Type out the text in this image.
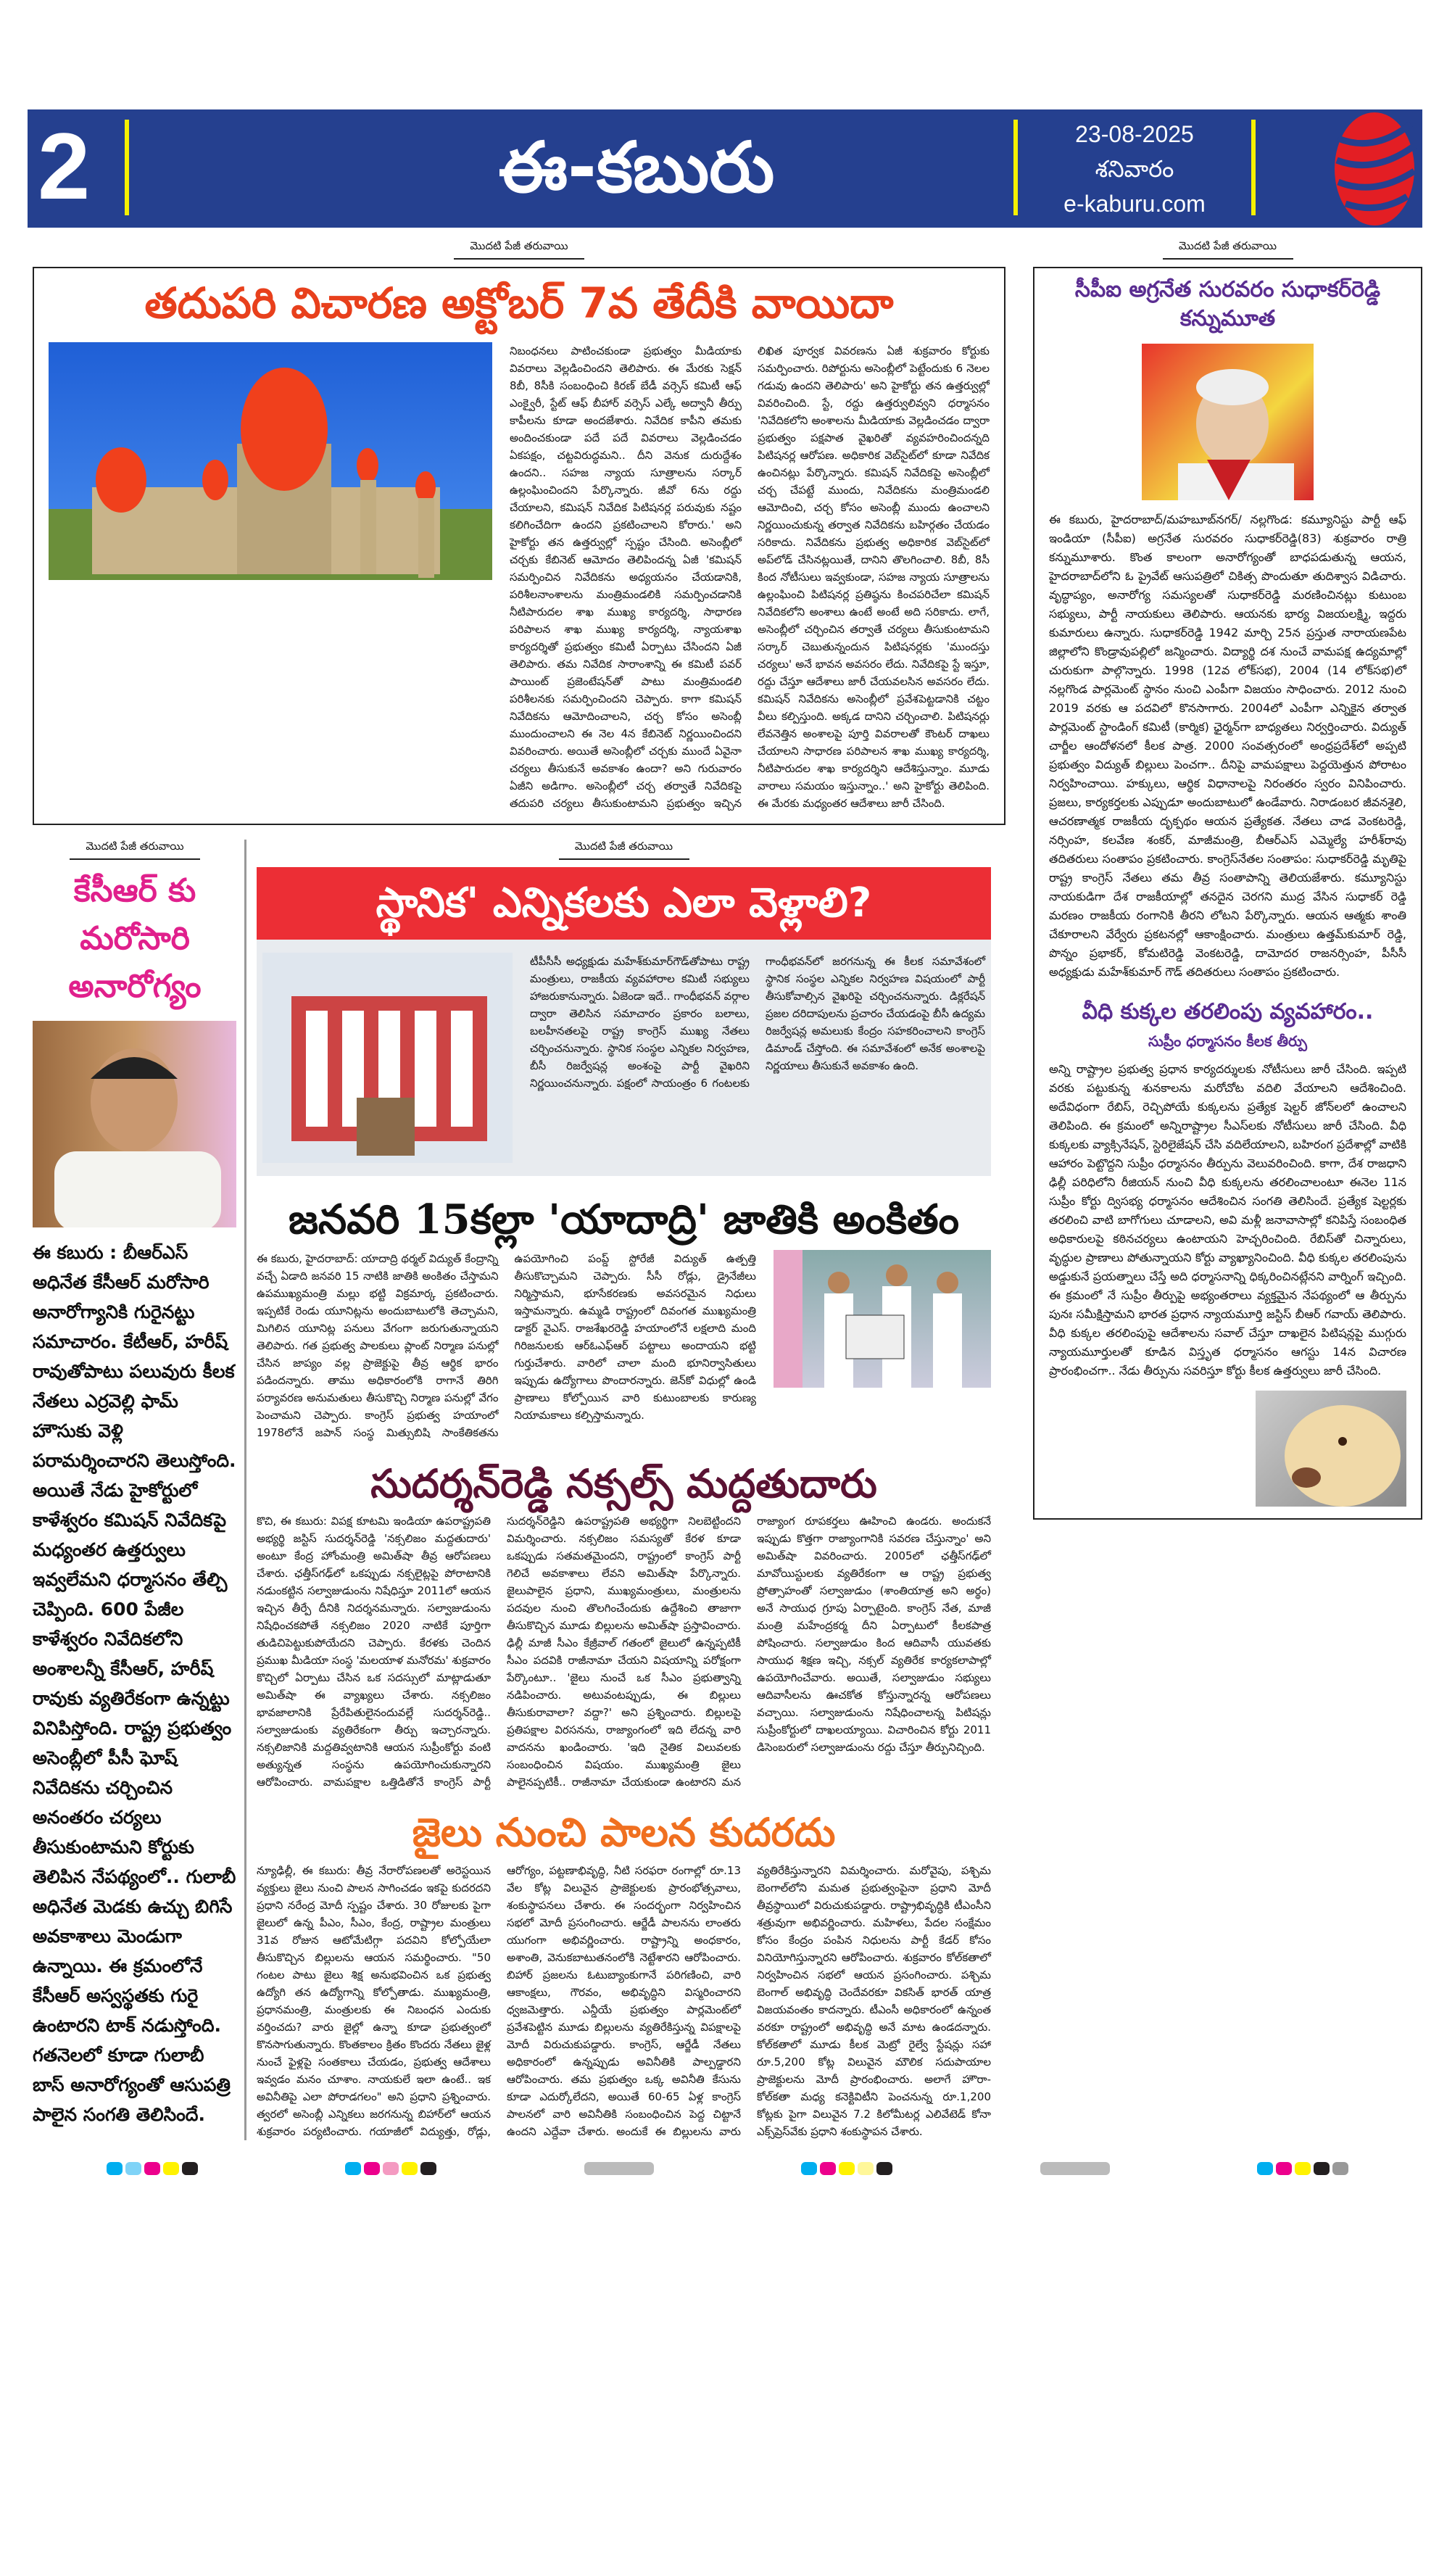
2	ఈ-కబురు	23-08-2025
శనివారం
e-kaburu.com
మొదటి పేజీ తరువాయి
తదుపరి విచారణ అక్టోబర్ 7వ తేదీకి వాయిదా
నిబంధనలు పాటించకుండా ప్రభుత్వం మీడియాకు వివరాలు వెల్లడించిందని తెలిపారు. ఈ మేరకు సెక్షన్ 8బీ, 8సీకి సంబంధించి కిరణ్ బేడీ వర్సెస్ కమిటీ ఆఫ్ ఎంక్వైరీ, స్టేట్ ఆఫ్ బీహార్ వర్సెస్ ఎల్కే అద్వానీ తీర్పు కాపీలను కూడా అందజేశారు. నివేదిక కాపీని తమకు అందించకుండా పదే పదే వివరాలు వెల్లడించడం ఏకపక్షం, చట్టవిరుద్ధమని.. దీని వెనుక దురుద్దేశం ఉందని.. సహజ న్యాయ సూత్రాలను సర్కార్ ఉల్లంఘించిందని పేర్కొన్నారు. జీవో 6ను రద్దు చేయాలని, కమిషన్ నివేదిక పిటిషనర్ల పరువుకు నష్టం కలిగించేదిగా ఉందని ప్రకటించాలని కోరారు.' అని హైకోర్టు తన ఉత్తర్వుల్లో స్పష్టం చేసింది. అసెంబ్లీలో చర్చకు కేబినెట్ ఆమోదం తెలిపిందన్న ఏజీ 'కమిషన్ సమర్పించిన నివేదికను అధ్యయనం చేయడానికి, పరిశీలనాంశాలను మంత్రిమండలికి సమర్పించడానికి నీటిపారుదల శాఖ ముఖ్య కార్యదర్శి, సాధారణ పరిపాలన శాఖ ముఖ్య కార్యదర్శి, న్యాయశాఖ కార్యదర్శితో ప్రభుత్వం కమిటీ ఏర్పాటు చేసిందని ఏజీ తెలిపారు. తమ నివేదిక సారాంశాన్ని ఈ కమిటీ పవర్ పాయింట్ ప్రజెంటేషన్‌తో పాటు మంత్రిమండలి పరిశీలనకు సమర్పించిందని చెప్పారు. కాగా కమిషన్ నివేదికను ఆమోదించాలని, చర్చ కోసం అసెంబ్లీ ముందుంచాలని ఈ నెల 4న కేబినెట్ నిర్ణయించిందని వివరించారు. అయితే అసెంబ్లీలో చర్చకు ముందే ఏవైనా చర్యలు తీసుకునే అవకాశం ఉందా? అని గురువారం ఏజీని అడిగాం. అసెంబ్లీలో చర్చ తర్వాతే నివేదికపై తదుపరి చర్యలు తీసుకుంటామని ప్రభుత్వం ఇచ్చిన లిఖిత పూర్వక వివరణను ఏజీ శుక్రవారం కోర్టుకు సమర్పించారు. రిపోర్టును అసెంబ్లీలో పెట్టేందుకు 6 నెలల గడువు ఉందని తెలిపారు' అని హైకోర్టు తన ఉత్తర్వుల్లో వివరించింది. స్టే, రద్దు ఉత్తర్వులివ్వని ధర్మాసనం 'నివేదికలోని అంశాలను మీడియాకు వెల్లడించడం ద్వారా ప్రభుత్వం పక్షపాత వైఖరితో వ్యవహరించిందన్నది పిటిషనర్ల ఆరోపణ. అధికారిక వెబ్‌సైట్‌లో కూడా నివేదిక ఉంచినట్లు పేర్కొన్నారు. కమిషన్ నివేదికపై అసెంబ్లీలో చర్చ చేపట్టే ముందు, నివేదికను మంత్రిమండలి ఆమోదించి, చర్చ కోసం అసెంబ్లీ ముందు ఉంచాలని నిర్ణయించుకున్న తర్వాత నివేదికను బహిర్గతం చేయడం సరికాదు. నివేదికను ప్రభుత్వ అధికారిక వెబ్‌సైట్‌లో అప్‌లోడ్ చేసినట్లయితే, దానిని తొలగించాలి. 8బీ, 8సీ కింద నోటీసులు ఇవ్వకుండా, సహజ న్యాయ సూత్రాలను ఉల్లంఘించి పిటిషనర్ల ప్రతిష్ఠను కించపరిచేలా కమిషన్ నివేదికలోని అంశాలు ఉంటే అంటే అది సరికాదు. లాగే, అసెంబ్లీలో చర్చించిన తర్వాతే చర్యలు తీసుకుంటామని సర్కార్ చెబుతున్నందున పిటిషనర్లకు 'ముందస్తు చర్యలు' అనే భావన అవసరం లేదు. నివేదికపై స్టే ఇస్తూ, రద్దు చేస్తూ ఆదేశాలు జారీ చేయవలసిన అవసరం లేదు. కమిషన్ నివేదికను అసెంబ్లీలో ప్రవేశపెట్టడానికి చట్టం వీలు కల్పిస్తుంది. అక్కడ దానిని చర్చించాలి. పిటిషనర్లు లేవనెత్తిన అంశాలపై పూర్తి వివరాలతో కౌంటర్ దాఖలు చేయాలని సాధారణ పరిపాలన శాఖ ముఖ్య కార్యదర్శి, నీటిపారుదల శాఖ కార్యదర్శిని ఆదేశిస్తున్నాం. మూడు వారాలు సమయం ఇస్తున్నాం..' అని హైకోర్టు తెలిపింది. ఈ మేరకు మధ్యంతర ఆదేశాలు జారీ చేసింది.
మొదటి పేజీ తరువాయి
కేసీఆర్ కు
మరోసారి
అనారోగ్యం
ఈ కబురు : బీఆర్ఎస్ అధినేత కేసీఆర్ మరోసారి అనారోగ్యానికి గురైనట్టు సమాచారం. కేటీఆర్, హరీష్ రావుతోపాటు పలువురు కీలక నేతలు ఎర్రవెల్లి ఫామ్ హౌసుకు వెళ్లి పరామర్శించారని తెలుస్తోంది. అయితే నేడు హైకోర్టులో కాళేశ్వరం కమిషన్ నివేదికపై మధ్యంతర ఉత్తర్వులు ఇవ్వలేమని ధర్మాసనం తేల్చి చెప్పింది. 600 పేజీల కాళేశ్వరం నివేదికలోని అంశాలన్నీ కేసీఆర్, హరీష్ రావుకు వ్యతిరేకంగా ఉన్నట్టు వినిపిస్తోంది. రాష్ట్ర ప్రభుత్వం అసెంబ్లీలో పీసీ ఘోష్ నివేదికను చర్చించిన అనంతరం చర్యలు తీసుకుంటామని కోర్టుకు తెలిపిన నేపథ్యంలో.. గులాబీ అధినేత మెడకు ఉచ్చు బిగిసే అవకాశాలు మెండుగా ఉన్నాయి. ఈ క్రమంలోనే కేసీఆర్ అస్వస్థతకు గురై ఉంటారని టాక్ నడుస్తోంది. గతనెలలో కూడా గులాబీ బాస్ అనారోగ్యంతో ఆసుపత్రి పాలైన సంగతి తెలిసిందే.
మొదటి పేజీ తరువాయి
స్థానిక' ఎన్నికలకు ఎలా వెళ్లాలి?
టీపీసీసీ అధ్యక్షుడు మహేశ్‌కుమార్‌గౌడ్‌తోపాటు రాష్ట్ర మంత్రులు, రాజకీయ వ్యవహారాల కమిటీ సభ్యులు హాజరుకానున్నారు. ఏజెండా ఇదే.. గాంధీభవన్ వర్గాల ద్వారా తెలిసిన సమాచారం ప్రకారం బలాలు, బలహీనతలపై రాష్ట్ర కాంగ్రెస్ ముఖ్య నేతలు చర్చించనున్నారు. స్థానిక సంస్థల ఎన్నికల నిర్వహణ, బీసీ రిజర్వేషన్ల అంశంపై పార్టీ వైఖరిని నిర్ణయించనున్నారు. పక్షంలో సాయంత్రం 6 గంటలకు గాంధీభవన్‌లో జరగనున్న ఈ కీలక సమావేశంలో స్థానిక సంస్థల ఎన్నికల నిర్వహణ విషయంలో పార్టీ తీసుకోవాల్సిన వైఖరిపై చర్చించనున్నారు. డిక్లరేషన్ ప్రజల దరిదాపులను ప్రచారం చేయడంపై బీసీ ఉద్యమ రిజర్వేషన్ల అమలుకు కేంద్రం సహకరించాలని కాంగ్రెస్ డిమాండ్ చేస్తోంది. ఈ సమావేశంలో అనేక అంశాలపై నిర్ణయాలు తీసుకునే అవకాశం ఉంది.
జనవరి 15కల్లా 'యాదాద్రి' జాతికి అంకితం
ఈ కబురు, హైదరాబాద్: యాదాద్రి థర్మల్ విద్యుత్ కేంద్రాన్ని వచ్చే ఏడాది జనవరి 15 నాటికి జాతికి అంకితం చేస్తామని ఉపముఖ్యమంత్రి మల్లు భట్టి విక్రమార్క ప్రకటించారు. ఇప్పటికే రెండు యూనిట్లను అందుబాటులోకి తెచ్చామని, మిగిలిన యూనిట్ల పనులు వేగంగా జరుగుతున్నాయని తెలిపారు. గత ప్రభుత్వ పాలకులు ప్లాంట్ నిర్మాణ పనుల్లో చేసిన జాప్యం వల్ల ప్రాజెక్టుపై తీవ్ర ఆర్థిక భారం పడిందన్నారు. తాము అధికారంలోకి రాగానే తిరిగి పర్యావరణ అనుమతులు తీసుకొచ్చి నిర్మాణ పనుల్లో వేగం పెంచామని చెప్పారు. కాంగ్రెస్ ప్రభుత్వ హయాంలో 1978లోనే జపాన్ సంస్థ మిత్సుబిషి సాంకేతికతను ఉపయోగించి పంప్డ్ స్టోరేజీ విద్యుత్ ఉత్పత్తి తీసుకొచ్చామని చెప్పారు. సీసీ రోడ్లు, డ్రైనేజీలు నిర్మిస్తామని, భూసేకరణకు అవసరమైన నిధులు ఇస్తామన్నారు. ఉమ్మడి రాష్ట్రంలో దివంగత ముఖ్యమంత్రి డాక్టర్ వైఎస్. రాజశేఖరరెడ్డి హయాంలోనే లక్షలాది మంది గిరిజనులకు ఆర్‌ఓఎఫ్ఆర్ పట్టాలు అందాయని భట్టి గుర్తుచేశారు. వారిలో చాలా మంది భూనిర్వాసితులు ఇప్పుడు ఉద్యోగాలు పొందారన్నారు. జెన్‌కో విధుల్లో ఉండి ప్రాణాలు కోల్పోయిన వారి కుటుంబాలకు కారుణ్య నియామకాలు కల్పిస్తామన్నారు.
సుదర్శన్‌రెడ్డి నక్సల్స్ మద్దతుదారు
కొచి, ఈ కబురు: విపక్ష కూటమి ఇండియా ఉపరాష్ట్రపతి అభ్యర్థి జస్టిస్ సుదర్శన్‌రెడ్డి 'నక్సలిజం మద్దతుదారు' అంటూ కేంద్ర హోంమంత్రి అమిత్‌షా తీవ్ర ఆరోపణలు చేశారు. ఛత్తీస్‌గఢ్‌లో ఒకప్పుడు నక్సలైట్లపై పోరాటానికి నడుంకట్టిన సల్వాజుడుంను నిషేధిస్తూ 2011లో ఆయన ఇచ్చిన తీర్పే దీనికి నిదర్శనమన్నారు. సల్వాజుడుంను నిషేధించకపోతే నక్సలిజం 2020 నాటికే పూర్తిగా తుడిచిపెట్టుకుపోయేదని చెప్పారు. కేరళకు చెందిన ప్రముఖ మీడియా సంస్థ 'మలయాళ మనోరమ' శుక్రవారం కొచ్చిలో ఏర్పాటు చేసిన ఒక సదస్సులో మాట్లాడుతూ అమిత్‌షా ఈ వ్యాఖ్యలు చేశారు. నక్సలిజం భావజాలానికి ప్రేరేపితులైనందువల్లే సుదర్శన్‌రెడ్డి.. సల్వాజుడుంకు వ్యతిరేకంగా తీర్పు ఇచ్చారన్నారు. నక్సలిజానికి మద్దతివ్వటానికి ఆయన సుప్రీంకోర్టు వంటి అత్యున్నత సంస్థను ఉపయోగించుకున్నారని ఆరోపించారు. వామపక్షాల ఒత్తిడితోనే కాంగ్రెస్ పార్టీ సుదర్శన్‌రెడ్డిని ఉపరాష్ట్రపతి అభ్యర్థిగా నిలబెట్టిందని విమర్శించారు. నక్సలిజం సమస్యతో కేరళ కూడా ఒకప్పుడు సతమతమైందని, రాష్ట్రంలో కాంగ్రెస్ పార్టీ గెలిచే అవకాశాలు లేవని అమిత్‌షా పేర్కొన్నారు. జైలుపాలైన ప్రధాని, ముఖ్యమంత్రులు, మంత్రులను పదవుల నుంచి తొలగించేందుకు ఉద్దేశించి తాజాగా తీసుకొచ్చిన మూడు బిల్లులను అమిత్‌షా ప్రస్తావించారు. ఢిల్లీ మాజీ సీఎం కేజ్రీవాల్ గతంలో జైలులో ఉన్నప్పటికీ సీఎం పదవికి రాజీనామా చేయని విషయాన్ని పరోక్షంగా పేర్కొంటూ.. 'జైలు నుంచే ఒక సీఎం ప్రభుత్వాన్ని నడిపించారు. అటువంటప్పుడు, ఈ బిల్లులు తీసుకురావాలా? వద్దా?' అని ప్రశ్నించారు. బిల్లులపై ప్రతిపక్షాల విరసనను, రాజ్యాంగంలో ఇది లేదన్న వారి వాదనను ఖండించారు. 'ఇది నైతిక విలువలకు సంబంధించిన విషయం. ముఖ్యమంత్రి జైలు పాలైనప్పటికీ.. రాజీనామా చేయకుండా ఉంటారని మన రాజ్యాంగ రూపకర్తలు ఊహించి ఉండరు. అందుకనే ఇప్పుడు కొత్తగా రాజ్యాంగానికి సవరణ చేస్తున్నాం' అని అమిత్‌షా వివరించారు. 2005లో ఛత్తీస్‌గఢ్‌లో మావోయిస్టులకు వ్యతిరేకంగా ఆ రాష్ట్ర ప్రభుత్వ ప్రోత్సాహంతో సల్వాజుడుం (శాంతియాత్ర అని అర్థం) అనే సాయుధ గ్రూపు ఏర్పాటైంది. కాంగ్రెస్ నేత, మాజీ మంత్రి మహేంద్రకర్మ దీని ఏర్పాటులో కీలకపాత్ర పోషించారు. సల్వాజుడుం కింద ఆదివాసీ యువతకు సాయుధ శిక్షణ ఇచ్చి, నక్సల్ వ్యతిరేక కార్యకలాపాల్లో ఉపయోగించేవారు. అయితే, సల్వాజుడుం సభ్యులు ఆదివాసీలను ఊచకోత కోస్తున్నారన్న ఆరోపణలు వచ్చాయి. సల్వాజుడుంను నిషేధించాలన్న పిటిషన్లు సుప్రీంకోర్టులో దాఖలయ్యాయి. విచారించిన కోర్టు 2011 డిసెంబరులో సల్వాజుడుంను రద్దు చేస్తూ తీర్పునిచ్చింది.
జైలు నుంచి పాలన కుదరదు
న్యూఢిల్లీ, ఈ కబురు: తీవ్ర నేరారోపణలతో అరెస్టయిన వ్యక్తులు జైలు నుంచి పాలన సాగించడం ఇకపై కుదరదని ప్రధాని నరేంద్ర మోదీ స్పష్టం చేశారు. 30 రోజులకు పైగా జైలులో ఉన్న పీఎం, సీఎం, కేంద్ర, రాష్ట్రాల మంత్రులు 31వ రోజున ఆటోమేటిగ్గా పదవిని కోల్పోయేలా తీసుకొచ్చిన బిల్లులను ఆయన సమర్థించారు. "50 గంటల పాటు జైలు శిక్ష అనుభవించిన ఒక ప్రభుత్వ ఉద్యోగి తన ఉద్యోగాన్ని కోల్పోతాడు. ముఖ్యమంత్రి, ప్రధానమంత్రి, మంత్రులకు ఈ నిబంధన ఎందుకు వర్తించదు? వారు జైల్లో ఉన్నా కూడా ప్రభుత్వంలో కొనసాగుతున్నారు. కొంతకాలం క్రితం కొందరు నేతలు జైళ్ల నుంచే ఫైళ్లపై సంతకాలు చేయడం, ప్రభుత్వ ఆదేశాలు ఇవ్వడం మనం చూశాం. నాయకులే ఇలా ఉంటే.. ఇక అవినీతిపై ఎలా పోరాడగలం" అని ప్రధాని ప్రశ్నించారు. త్వరలో అసెంబ్లీ ఎన్నికలు జరగనున్న బిహార్‌లో ఆయన శుక్రవారం పర్యటించారు. గయాజీలో విద్యుత్తు, రోడ్లు, ఆరోగ్యం, పట్టణాభివృద్ధి, నీటి సరఫరా రంగాల్లో రూ.13 వేల కోట్ల విలువైన ప్రాజెక్టులకు ప్రారంభోత్సవాలు, శంకుస్థాపనలు చేశారు. ఈ సందర్భంగా నిర్వహించిన సభలో మోదీ ప్రసంగించారు. ఆర్జేడీ పాలనను లాంతరు యుగంగా అభివర్ణించారు. రాష్ట్రాన్ని అంధకారం, అశాంతి, వెనుకబాటుతనంలోకి నెట్టేశారని ఆరోపించారు. బిహార్ ప్రజలను ఓటుబ్యాంకుగానే పరిగణించి, వారి ఆకాంక్షలు, గౌరవం, అభివృద్ధిని విస్మరించారని ధ్వజమెత్తారు. ఎన్డీయే ప్రభుత్వం పార్లమెంట్‌లో ప్రవేశపెట్టిన మూడు బిల్లులను వ్యతిరేకిస్తున్న విపక్షాలపై మోదీ విరుచుకుపడ్డారు. కాంగ్రెస్, ఆర్జేడీ నేతలు అధికారంలో ఉన్నప్పుడు అవినీతికి పాల్పడ్డారని ఆరోపించారు. తమ ప్రభుత్వం ఒక్క అవినీతి కేసును కూడా ఎదుర్కోలేదని, అయితే 60-65 ఏళ్ల కాంగ్రెస్ పాలనలో వారి అవినీతికి సంబంధించిన పెద్ద చిట్టానే ఉందని ఎద్దేవా చేశారు. అందుకే ఈ బిల్లులను వారు వ్యతిరేకిస్తున్నారని విమర్శించారు. మరోవైపు, పశ్చిమ బెంగాల్‌లోని మమత ప్రభుత్వంపైనా ప్రధాని మోదీ తీవ్రస్థాయిలో విరుచుకుపడ్డారు. రాష్ట్రాభివృద్ధికి టీఎంసీని శత్రువుగా అభివర్ణించారు. మహిళలు, పేదల సంక్షేమం కోసం కేంద్రం పంపిన నిధులను పార్టీ కేడర్ కోసం వినియోగిస్తున్నారని ఆరోపించారు. శుక్రవారం కోల్‌కతాలో నిర్వహించిన సభలో ఆయన ప్రసంగించారు. పశ్చిమ బెంగాల్ అభివృద్ధి చెందేవరకూ వికసిత్ భారత్ యాత్ర విజయవంతం కాదన్నారు. టీఎంసీ అధికారంలో ఉన్నంత వరకూ రాష్ట్రంలో అభివృద్ధి అనే మాట ఉండదన్నారు. కోల్‌కతాలో మూడు కీలక మెట్రో రైల్వే స్టేషన్లు సహా రూ.5,200 కోట్ల విలువైన మౌలిక సదుపాయాల ప్రాజెక్టులను మోదీ ప్రారంభించారు. అలాగే హౌరా-కోల్‌కతా మధ్య కనెక్టివిటీని పెంచనున్న రూ.1,200 కోట్లకు పైగా విలువైన 7.2 కిలోమీటర్ల ఎలివేటెడ్ కోనా ఎక్స్‌ప్రెస్‌వేకు ప్రధాని శంకుస్థాపన చేశారు.
మొదటి పేజీ తరువాయి
సీపీఐ అగ్రనేత సురవరం సుధాకర్‌రెడ్డి కన్నుమూత
ఈ కబురు, హైదరాబాద్/మహబూబ్‌నగర్/ నల్లగొండ: కమ్యూనిస్టు పార్టీ ఆఫ్ ఇండియా (సీపీఐ) అగ్రనేత సురవరం సుధాకర్‌రెడ్డి(83) శుక్రవారం రాత్రి కన్నుమూశారు. కొంత కాలంగా అనారోగ్యంతో బాధపడుతున్న ఆయన, హైదరాబాద్‌లోని ఓ ప్రైవేట్ ఆసుపత్రిలో చికిత్స పొందుతూ తుదిశ్వాస విడిచారు. వృద్ధాప్యం, అనారోగ్య సమస్యలతో సుధాకర్‌రెడ్డి మరణించినట్లు కుటుంబ సభ్యులు, పార్టీ నాయకులు తెలిపారు. ఆయనకు భార్య విజయలక్ష్మి, ఇద్దరు కుమారులు ఉన్నారు. సుధాకర్‌రెడ్డి 1942 మార్చి 25న ప్రస్తుత నారాయణపేట జిల్లాలోని కొండ్రావుపల్లిలో జన్మించారు. విద్యార్థి దశ నుంచే వామపక్ష ఉద్యమాల్లో చురుకుగా పాల్గొన్నారు. 1998 (12వ లోక్‌సభ), 2004 (14 లోక్‌సభ)లో నల్లగొండ పార్లమెంట్ స్థానం నుంచి ఎంపీగా విజయం సాధించారు. 2012 నుంచి 2019 వరకు ఆ పదవిలో కొనసాగారు. 2004లో ఎంపీగా ఎన్నికైన తర్వాత పార్లమెంట్ స్టాండింగ్ కమిటీ (కార్మిక) ఛైర్మన్‌గా బాధ్యతలు నిర్వర్తించారు. విద్యుత్ చార్జీల ఆందోళనలో కీలక పాత్ర. 2000 సంవత్సరంలో అంధ్రప్రదేశ్‌లో అప్పటి ప్రభుత్వం విద్యుత్ బిల్లులు పెంచగా.. దీనిపై వామపక్షాలు పెద్దయెత్తున పోరాటం నిర్వహించాయి. హక్కులు, ఆర్థిక విధానాలపై నిరంతరం స్వరం వినిపించారు. ప్రజలు, కార్యకర్తలకు ఎప్పుడూ అందుబాటులో ఉండేవారు. నిరాడంబర జీవనశైలి, ఆచరణాత్మక రాజకీయ దృక్పథం ఆయన ప్రత్యేకత. నేతలు చాడ వెంకటరెడ్డి, నర్సింహ, కలవేణ శంకర్, మాజీమంత్రి, బీఆర్‌ఎస్ ఎమ్మెల్యే హరీశ్‌రావు తదితరులు సంతాపం ప్రకటించారు. కాంగ్రెస్‌నేతల సంతాపం: సుధాకర్‌రెడ్డి మృతిపై రాష్ట్ర కాంగ్రెస్ నేతలు తమ తీవ్ర సంతాపాన్ని తెలియజేశారు. కమ్యూనిస్టు నాయకుడిగా దేశ రాజకీయాల్లో తనదైన చెరగని ముద్ర వేసిన సుధాకర్ రెడ్డి మరణం రాజకీయ రంగానికి తీరని లోటని పేర్కొన్నారు. ఆయన ఆత్మకు శాంతి చేకూరాలని వేర్వేరు ప్రకటనల్లో ఆకాంక్షించారు. మంత్రులు ఉత్తమ్‌కుమార్ రెడ్డి, పొన్నం ప్రభాకర్, కోమటిరెడ్డి వెంకటరెడ్డి, దామోదర రాజనర్సింహ, పీసీసీ అధ్యక్షుడు మహేశ్‌కుమార్ గౌడ్ తదితరులు సంతాపం ప్రకటించారు.
వీధి కుక్కల తరలింపు వ్యవహారం..
సుప్రీం ధర్మాసనం కీలక తీర్పు
అన్ని రాష్ట్రాల ప్రభుత్వ ప్రధాన కార్యదర్శులకు నోటీసులు జారీ చేసింది. ఇప్పటి వరకు పట్టుకున్న శునకాలను మరోచోట వదిలి వేయాలని ఆదేశించింది. అదేవిధంగా రేబిస్, రెచ్చిపోయే కుక్కలను ప్రత్యేక షెల్టర్ జోన్‌లలో ఉంచాలని తెలిపింది. ఈ క్రమంలో అన్నిరాష్ట్రాల సీఎస్‌లకు నోటీసులు జారీ చేసింది. వీధి కుక్కలకు వ్యాక్సినేషన్, స్టెరిలైజేషన్ చేసి వదిలేయాలని, బహిరంగ ప్రదేశాల్లో వాటికి ఆహారం పెట్టొద్దని సుప్రీం ధర్మాసనం తీర్పును వెలువరించింది. కాగా, దేశ రాజధాని ఢిల్లీ పరిధిలోని రీజియన్ నుంచి వీధి కుక్కలను తరలించాలంటూ ఈనెల 11న సుప్రీం కోర్టు ద్విసభ్య ధర్మాసనం ఆదేశించిన సంగతి తెలిసిందే. ప్రత్యేక షెల్టర్లకు తరలించి వాటి బాగోగులు చూడాలని, అవి మళ్లీ జనావాసాల్లో కనిపిస్తే సంబంధిత అధికారులపై కఠినచర్యలు ఉంటాయని హెచ్చరించింది. రేబిస్‌తో చిన్నారులు, వృద్ధుల ప్రాణాలు పోతున్నాయని కోర్టు వ్యాఖ్యానించింది. వీధి కుక్కల తరలింపును అడ్డుకునే ప్రయత్నాలు చేస్తే అది ధర్మాసనాన్ని ధిక్కరించినట్లేనని వార్నింగ్ ఇచ్చింది. ఈ క్రమంలో నే సుప్రీం తీర్పుపై అభ్యంతరాలు వ్యక్తమైన నేపథ్యంలో ఆ తీర్పును పునః సమీక్షిస్తామని భారత ప్రధాన న్యాయమూర్తి జస్టిస్ బీఆర్ గవాయ్ తెలిపారు. వీధి కుక్కల తరలింపుపై ఆదేశాలను సవాల్ చేస్తూ దాఖలైన పిటిషన్లపై ముగ్గురు న్యాయమూర్తులతో కూడిన విస్తృత ధర్మాసనం ఆగస్టు 14న విచారణ ప్రారంభించగా.. నేడు తీర్పును సవరిస్తూ కోర్టు కీలక ఉత్తర్వులు జారీ చేసింది.
